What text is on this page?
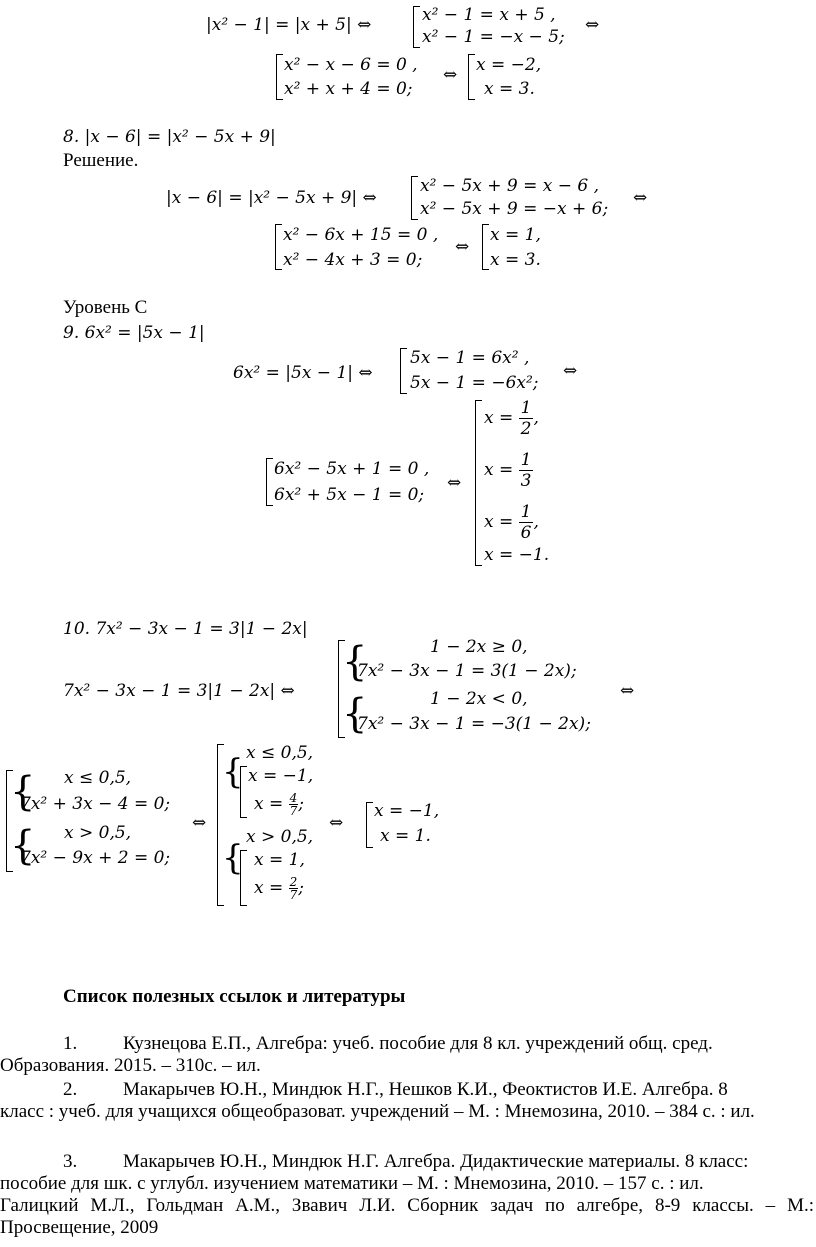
|x² − 1| = |x + 5| ⇔	x² − 1 = x + 5 ,
x² − 1 = −x − 5;
⇔
x² − x − 6 = 0 ,
x² + x + 4 = 0;
⇔ x = −2,
x = 3.
8. |x − 6| = |x² − 5x + 9|
Решение.
|x − 6| = |x² − 5x + 9| ⇔
x² − 5x + 9 = x − 6 ,
x² − 5x + 9 = −x + 6;
⇔
x² − 6x + 15 = 0 ,
x² − 4x + 3 = 0;
⇔
x = 1,
x = 3.
Уровень С
9. 6x² = |5x − 1|
6x² = |5x − 1| ⇔
5x − 1 = 6x² ,
5x − 1 = −6x²;
⇔
6x² − 5x + 1 = 0 ,
6x² + 5x − 1 = 0;
⇔
$x = \frac{1}{2}$ ,
$x = \frac{1}{3}$
$x = \frac{1}{6}$ ,
x = −1.
10. 7x² − 3x − 1 = 3|1 − 2x|
7x² − 3x − 1 = 3|1 − 2x| ⇔
{	1 − 2x ≥ 0,
7x² − 3x − 1 = 3(1 − 2x);
{	1 − 2x < 0,
7x² − 3x − 1 = −3(1 − 2x);
⇔
{ x ≤ 0,5,
7x² + 3x − 4 = 0;
{ x > 0,5,
7x² − 9x + 2 = 0;
⇔
{ x ≤ 0,5,
x = −1,
$x = \frac{4}{7}$ ;
{
x > 0,5,
x = 1,
$x = \frac{2}{7}$ ;
⇔
x = −1,
x = 1.
Список полезных ссылок и литературы
1. Кузнецова Е.П., Алгебра: учеб. пособие для 8 кл. учреждений общ. сред.
Образования. 2015. – 310с. – ил.
2. Макарычев Ю.Н., Миндюк Н.Г., Нешков К.И., Феоктистов И.Е. Алгебра. 8
класс : учеб. для учащихся общеобразоват. учреждений – М. : Мнемозина, 2010. – 384 с. : ил.
3. Макарычев Ю.Н., Миндюк Н.Г. Алгебра. Дидактические материалы. 8 класс:
пособие для шк. с углубл. изучением математики – М. : Мнемозина, 2010. – 157 с. : ил.
Галицкий М.Л., Гольдман А.М., Звавич Л.И. Сборник задач по алгебре, 8-9 классы. – М.: Просвещение, 2009
